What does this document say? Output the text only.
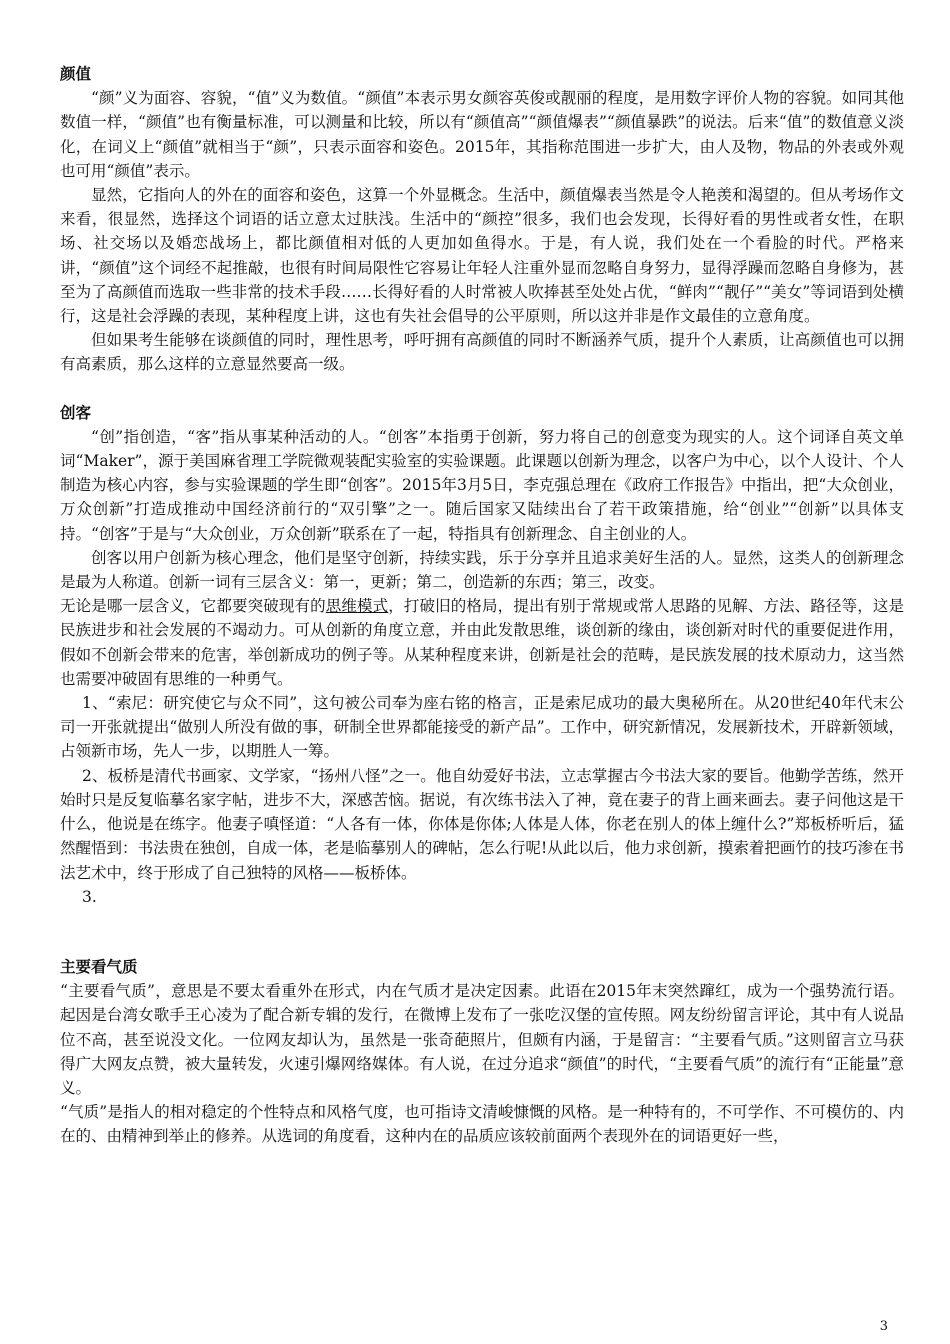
颜值

“颜”义为面容、容貌，“值”义为数值。“颜值”本表示男女颜容英俊或靓丽的程度，是用数字评价人物的容貌。如同其他数值一样，“颜值”也有衡量标准，可以测量和比较，所以有“颜值高”“颜值爆表”“颜值暴跌”的说法。后来“值”的数值意义淡化，在词义上“颜值”就相当于“颜”，只表示面容和姿色。2015年，其指称范围进一步扩大，由人及物，物品的外表或外观也可用“颜值”表示。

显然，它指向人的外在的面容和姿色，这算一个外显概念。生活中，颜值爆表当然是令人艳羡和渴望的。但从考场作文来看，很显然，选择这个词语的话立意太过肤浅。生活中的“颜控”很多，我们也会发现，长得好看的男性或者女性，在职场、社交场以及婚恋战场上，都比颜值相对低的人更加如鱼得水。于是，有人说，我们处在一个看脸的时代。严格来讲，“颜值”这个词经不起推敲，也很有时间局限性它容易让年轻人注重外显而忽略自身努力，显得浮躁而忽略自身修为，甚至为了高颜值而选取一些非常的技术手段……长得好看的人时常被人吹捧甚至处处占优，“鲜肉”“靓仔”“美女”等词语到处横行，这是社会浮躁的表现，某种程度上讲，这也有失社会倡导的公平原则，所以这并非是作文最佳的立意角度。

但如果考生能够在谈颜值的同时，理性思考，呼吁拥有高颜值的同时不断涵养气质，提升个人素质，让高颜值也可以拥有高素质，那么这样的立意显然要高一级。

创客

“创”指创造，“客”指从事某种活动的人。“创客”本指勇于创新，努力将自己的创意变为现实的人。这个词译自英文单词“Maker”，源于美国麻省理工学院微观装配实验室的实验课题。此课题以创新为理念，以客户为中心，以个人设计、个人制造为核心内容，参与实验课题的学生即“创客”。2015年3月5日，李克强总理在《政府工作报告》中指出，把“大众创业，万众创新”打造成推动中国经济前行的“双引擎”之一。随后国家又陆续出台了若干政策措施，给“创业”“创新”以具体支持。“创客”于是与“大众创业，万众创新”联系在了一起，特指具有创新理念、自主创业的人。

创客以用户创新为核心理念，他们是坚守创新，持续实践，乐于分享并且追求美好生活的人。显然，这类人的创新理念是最为人称道。创新一词有三层含义：第一，更新；第二，创造新的东西；第三，改变。

无论是哪一层含义，它都要突破现有的思维模式，打破旧的格局，提出有别于常规或常人思路的见解、方法、路径等，这是民族进步和社会发展的不竭动力。可从创新的角度立意，并由此发散思维，谈创新的缘由，谈创新对时代的重要促进作用，假如不创新会带来的危害，举创新成功的例子等。从某种程度来讲，创新是社会的范畴，是民族发展的技术原动力，这当然也需要冲破固有思维的一种勇气。

1、“索尼：研究使它与众不同”，这句被公司奉为座右铭的格言，正是索尼成功的最大奥秘所在。从20世纪40年代末公司一开张就提出“做别人所没有做的事，研制全世界都能接受的新产品”。工作中，研究新情况，发展新技术，开辟新领域，占领新市场，先人一步，以期胜人一筹。

2、板桥是清代书画家、文学家，“扬州八怪”之一。他自幼爱好书法，立志掌握古今书法大家的要旨。他勤学苦练，然开始时只是反复临摹名家字帖，进步不大，深感苦恼。据说，有次练书法入了神，竟在妻子的背上画来画去。妻子问他这是干什么，他说是在练字。他妻子嗔怪道：“人各有一体，你体是你体;人体是人体，你老在别人的体上缠什么?”郑板桥听后，猛然醒悟到：书法贵在独创，自成一体，老是临摹别人的碑帖，怎么行呢!从此以后，他力求创新，摸索着把画竹的技巧渗在书法艺术中，终于形成了自己独特的风格——板桥体。

3.

主要看气质

“主要看气质”，意思是不要太看重外在形式，内在气质才是决定因素。此语在2015年末突然蹿红，成为一个强势流行语。起因是台湾女歌手王心凌为了配合新专辑的发行，在微博上发布了一张吃汉堡的宣传照。网友纷纷留言评论，其中有人说品位不高，甚至说没文化。一位网友却认为，虽然是一张奇葩照片，但颇有内涵，于是留言：“主要看气质。”这则留言立马获得广大网友点赞，被大量转发，火速引爆网络媒体。有人说，在过分追求“颜值”的时代，“主要看气质”的流行有“正能量”意义。

“气质”是指人的相对稳定的个性特点和风格气度，也可指诗文清峻慷慨的风格。是一种特有的，不可学作、不可模仿的、内在的、由精神到举止的修养。从选词的角度看，这种内在的品质应该较前面两个表现外在的词语更好一些，

3
